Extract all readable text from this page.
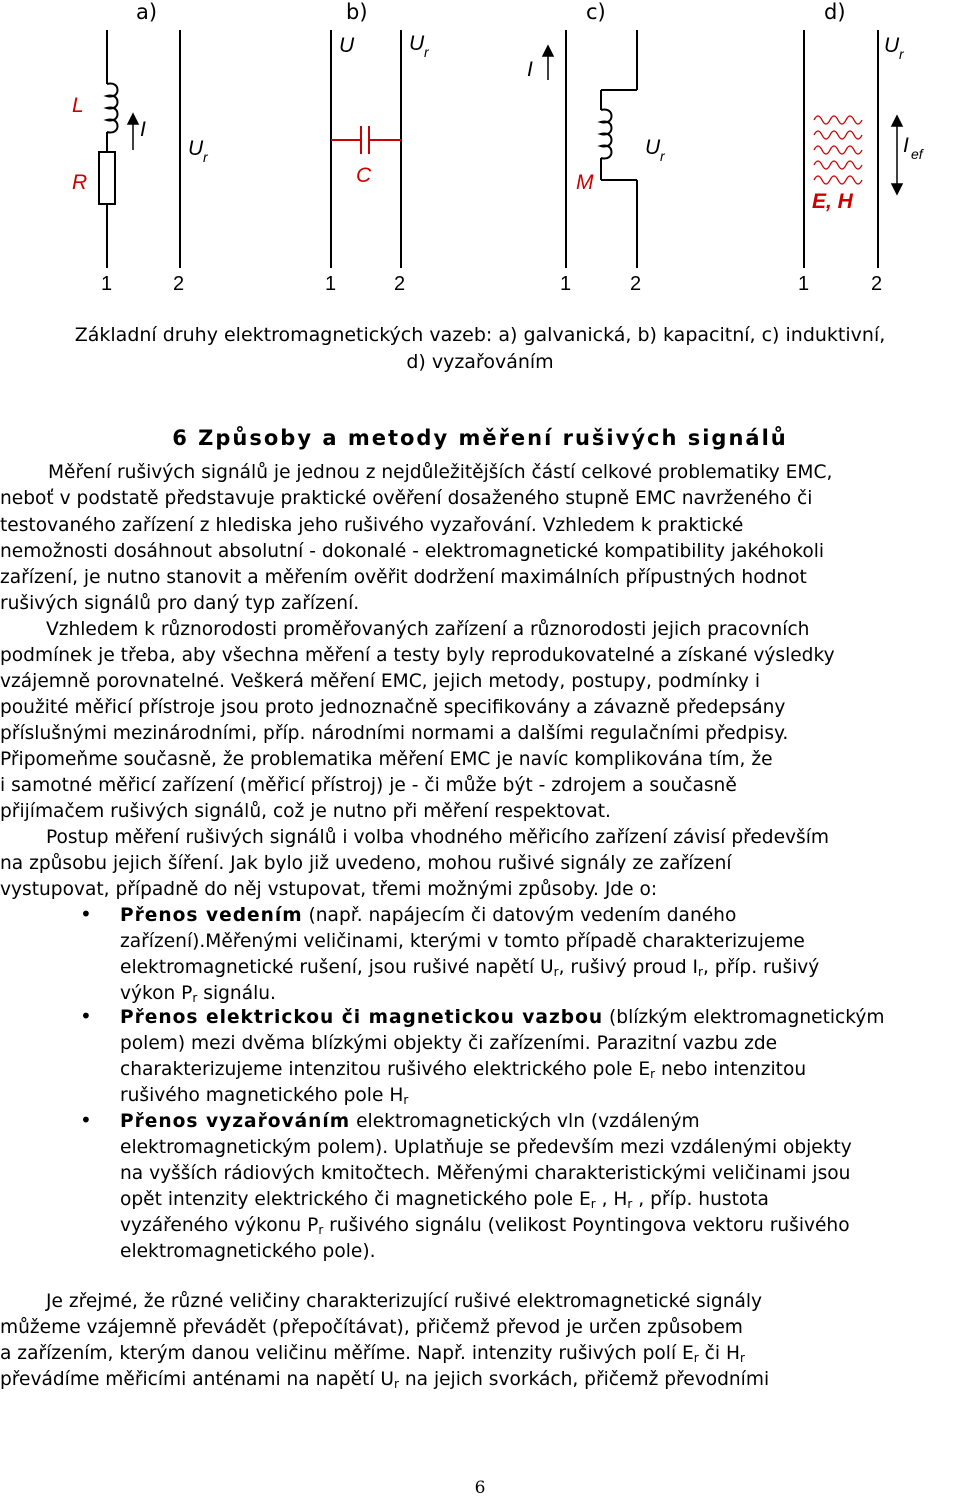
a)	b)	c)	d)
L
R
I
U r
U	U r
C
I
M
U r
U r
I ef
E, H
1	2	1	2	1	2	1	2
Základní druhy elektromagnetických vazeb: a) galvanická, b) kapacitní, c) induktivní,
d) vyzařováním
6 Způsoby a metody měření rušivých signálů
Měření rušivých signálů je jednou z nejdůležitějších částí celkové problematiky EMC,
neboť v podstatě představuje praktické ověření dosaženého stupně EMC navrženého či
testovaného zařízení z hlediska jeho rušivého vyzařování. Vzhledem k praktické
nemožnosti dosáhnout absolutní - dokonalé - elektromagnetické kompatibility jakéhokoli
zařízení, je nutno stanovit a měřením ověřit dodržení maximálních přípustných hodnot
rušivých signálů pro daný typ zařízení.
Vzhledem k různorodosti proměřovaných zařízení a různorodosti jejich pracovních
podmínek je třeba, aby všechna měření a testy byly reprodukovatelné a získané výsledky
vzájemně porovnatelné. Veškerá měření EMC, jejich metody, postupy, podmínky i
použité měřicí přístroje jsou proto jednoznačně specifikovány a závazně předepsány
příslušnými mezinárodními, příp. národními normami a dalšími regulačními předpisy.
Připomeňme současně, že problematika měření EMC je navíc komplikována tím, že
i samotné měřicí zařízení (měřicí přístroj) je - či může být - zdrojem a současně
přijímačem rušivých signálů, což je nutno při měření respektovat.
Postup měření rušivých signálů i volba vhodného měřicího zařízení závisí především
na způsobu jejich šíření. Jak bylo již uvedeno, mohou rušivé signály ze zařízení
vystupovat, případně do něj vstupovat, třemi možnými způsoby. Jde o:
• Přenos vedením (např. napájecím či datovým vedením daného
zařízení).Měřenými veličinami, kterými v tomto případě charakterizujeme
elektromagnetické rušení, jsou rušivé napětí $U_r$, rušivý proud $I_r$, příp. rušivý
výkon $P_r$ signálu.
• Přenos elektrickou či magnetickou vazbou (blízkým elektromagnetickým
polem) mezi dvěma blízkými objekty či zařízeními. Parazitní vazbu zde
charakterizujeme intenzitou rušivého elektrického pole $E_r$ nebo intenzitou
rušivého magnetického pole $H_r$
• Přenos vyzařováním elektromagnetických vln (vzdáleným
elektromagnetickým polem). Uplatňuje se především mezi vzdálenými objekty
na vyšších rádiových kmitočtech. Měřenými charakteristickými veličinami jsou
opět intenzity elektrického či magnetického pole $E_r$ , $H_r$ , příp. hustota
vyzářeného výkonu $P_r$ rušivého signálu (velikost Poyntingova vektoru rušivého
elektromagnetického pole).
Je zřejmé, že různé veličiny charakterizující rušivé elektromagnetické signály
můžeme vzájemně převádět (přepočítávat), přičemž převod je určen způsobem
a zařízením, kterým danou veličinu měříme. Např. intenzity rušivých polí $E_r$ či $H_r$
převádíme měřicími anténami na napětí $U_r$ na jejich svorkách, přičemž převodními
6
